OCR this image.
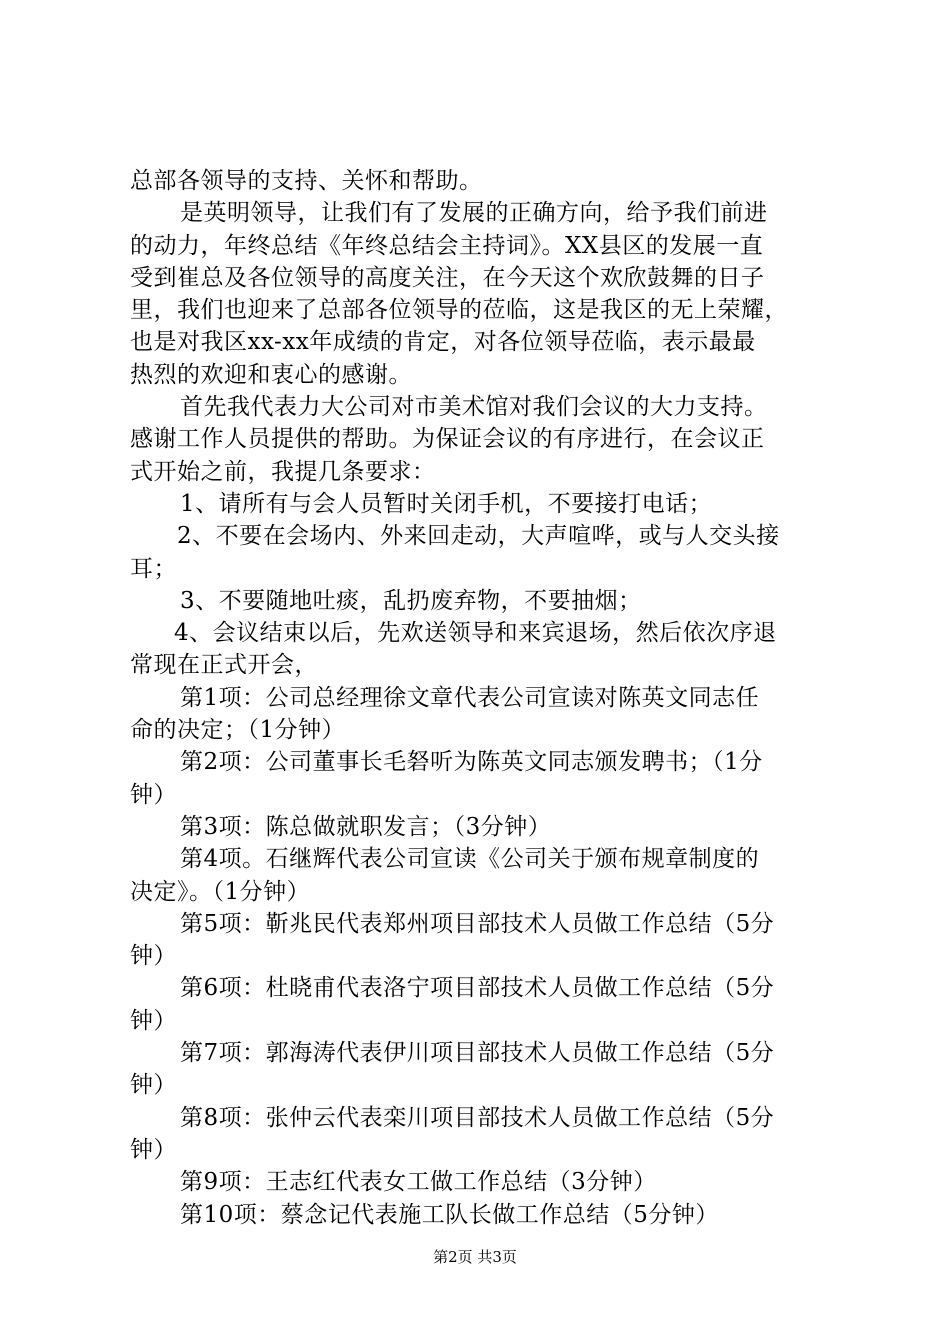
总部各领导的支持、关怀和帮助。
是英明领导，让我们有了发展的正确方向，给予我们前进
的动力，年终总结《年终总结会主持词》。XX县区的发展一直
受到崔总及各位领导的高度关注，在今天这个欢欣鼓舞的日子
里，我们也迎来了总部各位领导的莅临，这是我区的无上荣耀，
也是对我区xx-xx年成绩的肯定，对各位领导莅临，表示最最
热烈的欢迎和衷心的感谢。
首先我代表力大公司对市美术馆对我们会议的大力支持。
感谢工作人员提供的帮助。为保证会议的有序进行，在会议正
式开始之前，我提几条要求：
1、请所有与会人员暂时关闭手机，不要接打电话；
2、不要在会场内、外来回走动，大声喧哗，或与人交头接
耳；
3、不要随地吐痰，乱扔废弃物，不要抽烟；
4、会议结束以后，先欢送领导和来宾退场，然后依次序退
常现在正式开会，
第1项：公司总经理徐文章代表公司宣读对陈英文同志任
命的决定；（1分钟）
第2项：公司董事长毛砮听为陈英文同志颁发聘书；（1分
钟）
第3项：陈总做就职发言；（3分钟）
第4项。石继辉代表公司宣读《公司关于颁布规章制度的
决定》。（1分钟）
第5项：靳兆民代表郑州项目部技术人员做工作总结（5分
钟）
第6项：杜晓甫代表洛宁项目部技术人员做工作总结（5分
钟）
第7项：郭海涛代表伊川项目部技术人员做工作总结（5分
钟）
第8项：张仲云代表栾川项目部技术人员做工作总结（5分
钟）
第9项：王志红代表女工做工作总结（3分钟）
第10项：蔡念记代表施工队长做工作总结（5分钟）
第2页 共3页
